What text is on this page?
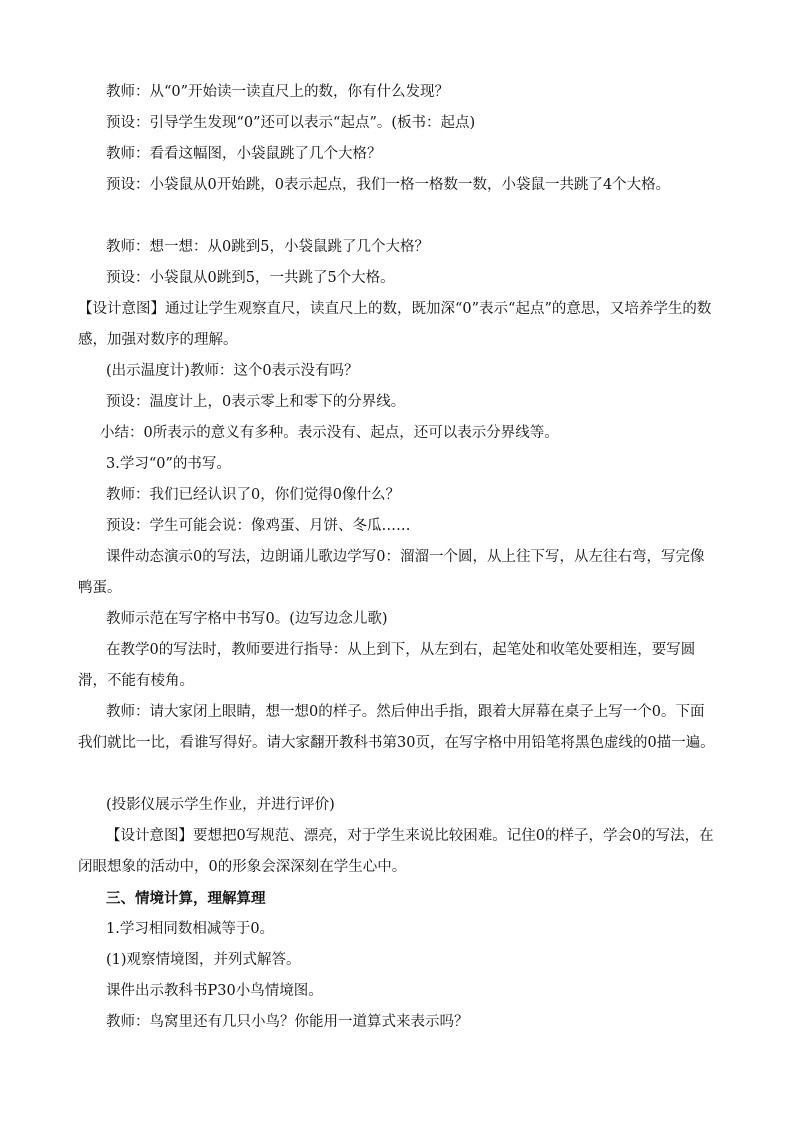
教师：从“0”开始读一读直尺上的数，你有什么发现？

预设：引导学生发现“0”还可以表示“起点”。(板书：起点)

教师：看看这幅图，小袋鼠跳了几个大格？

预设：小袋鼠从0开始跳，0表示起点，我们一格一格数一数，小袋鼠一共跳了4个大格。

教师：想一想：从0跳到5，小袋鼠跳了几个大格？

预设：小袋鼠从0跳到5，一共跳了5个大格。

【设计意图】通过让学生观察直尺，读直尺上的数，既加深“0”表示“起点”的意思，又培养学生的数感，加强对数序的理解。

(出示温度计)教师：这个0表示没有吗？

预设：温度计上，0表示零上和零下的分界线。

小结：0所表示的意义有多种。表示没有、起点，还可以表示分界线等。

3.学习“0”的书写。

教师：我们已经认识了0，你们觉得0像什么？

预设：学生可能会说：像鸡蛋、月饼、冬瓜……

课件动态演示0的写法，边朗诵儿歌边学写0：溜溜一个圆，从上往下写，从左往右弯，写完像鸭蛋。

教师示范在写字格中书写0。(边写边念儿歌)

在教学0的写法时，教师要进行指导：从上到下，从左到右，起笔处和收笔处要相连，要写圆滑，不能有棱角。

教师：请大家闭上眼睛，想一想0的样子。然后伸出手指，跟着大屏幕在桌子上写一个0。下面我们就比一比，看谁写得好。请大家翻开教科书第30页，在写字格中用铅笔将黑色虚线的0描一遍。

(投影仪展示学生作业，并进行评价)

【设计意图】要想把0写规范、漂亮，对于学生来说比较困难。记住0的样子，学会0的写法，在闭眼想象的活动中，0的形象会深深刻在学生心中。

三、情境计算，理解算理

1.学习相同数相减等于0。

(1)观察情境图，并列式解答。

课件出示教科书P30小鸟情境图。

教师：鸟窝里还有几只小鸟？你能用一道算式来表示吗？
